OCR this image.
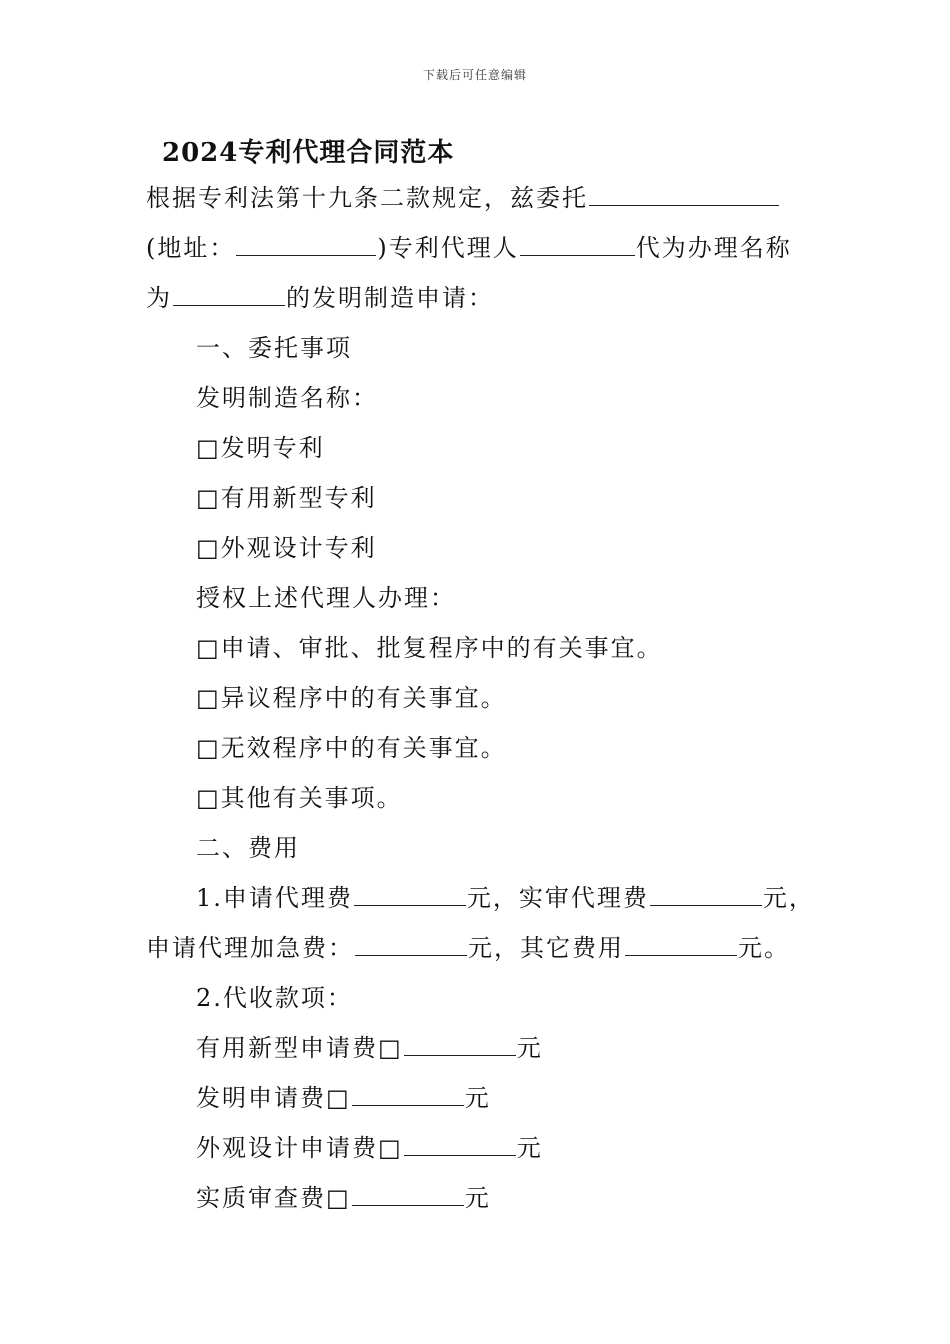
下载后可任意编辑
2024专利代理合同范本
根据专利法第十九条二款规定，兹委托
(地址：	)专利代理人	代为办理名称
为	的发明制造申请：
一、委托事项
发明制造名称：
□发明专利
□有用新型专利
□外观设计专利
授权上述代理人办理：
□申请、审批、批复程序中的有关事宜。
□异议程序中的有关事宜。
□无效程序中的有关事宜。
□其他有关事项。
二、费用
1.申请代理费	元，实审代理费	元，
申请代理加急费：	元，其它费用	元。
2.代收款项：
有用新型申请费□	元
发明申请费□	元
外观设计申请费□	元
实质审查费□	元
